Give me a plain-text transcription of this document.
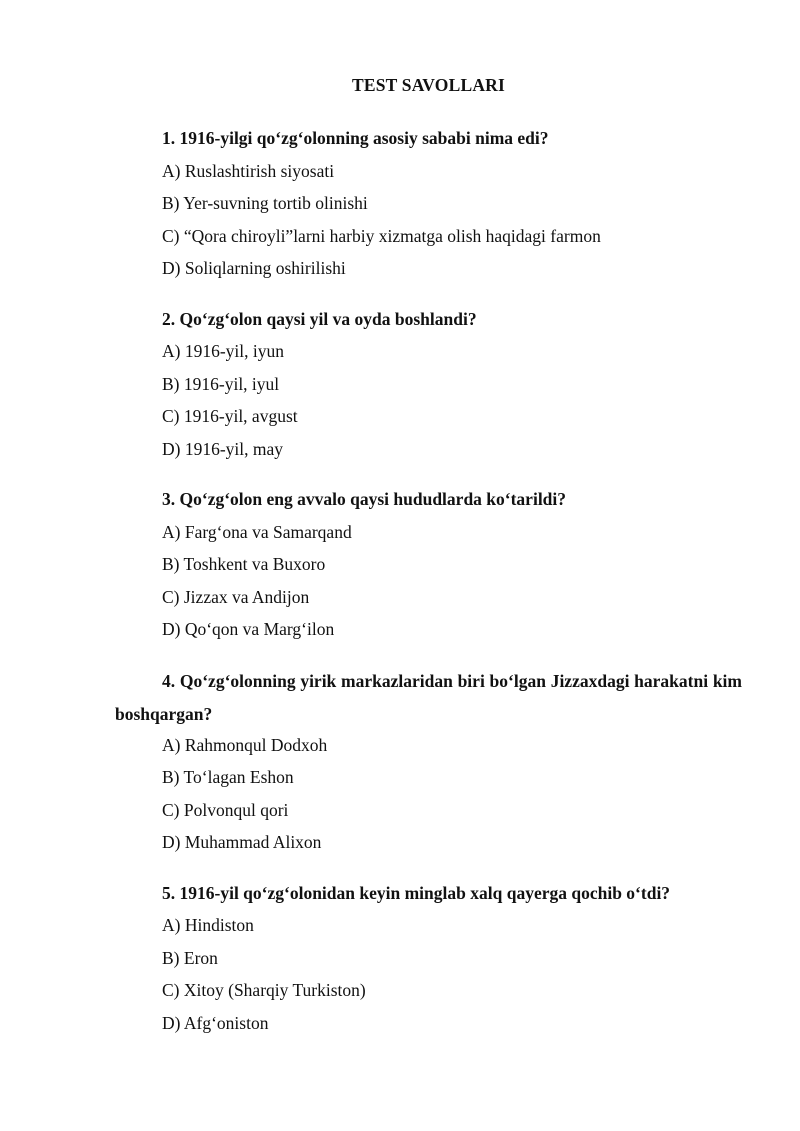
TEST SAVOLLARI
1. 1916-yilgi qo‘zg‘olonning asosiy sababi nima edi?
A) Ruslashtirish siyosati
B) Yer-suvning tortib olinishi
C) “Qora chiroyli”larni harbiy xizmatga olish haqidagi farmon
D) Soliqlarning oshirilishi
2. Qo‘zg‘olon qaysi yil va oyda boshlandi?
A) 1916-yil, iyun
B) 1916-yil, iyul
C) 1916-yil, avgust
D) 1916-yil, may
3. Qo‘zg‘olon eng avvalo qaysi hududlarda ko‘tarildi?
A) Farg‘ona va Samarqand
B) Toshkent va Buxoro
C) Jizzax va Andijon
D) Qo‘qon va Marg‘ilon
4. Qo‘zg‘olonning yirik markazlaridan biri bo‘lgan Jizzaxdagi harakatni kim boshqargan?
A) Rahmonqul Dodxoh
B) To‘lagan Eshon
C) Polvonqul qori
D) Muhammad Alixon
5. 1916-yil qo‘zg‘olonidan keyin minglab xalq qayerga qochib o‘tdi?
A) Hindiston
B) Eron
C) Xitoy (Sharqiy Turkiston)
D) Afg‘oniston
